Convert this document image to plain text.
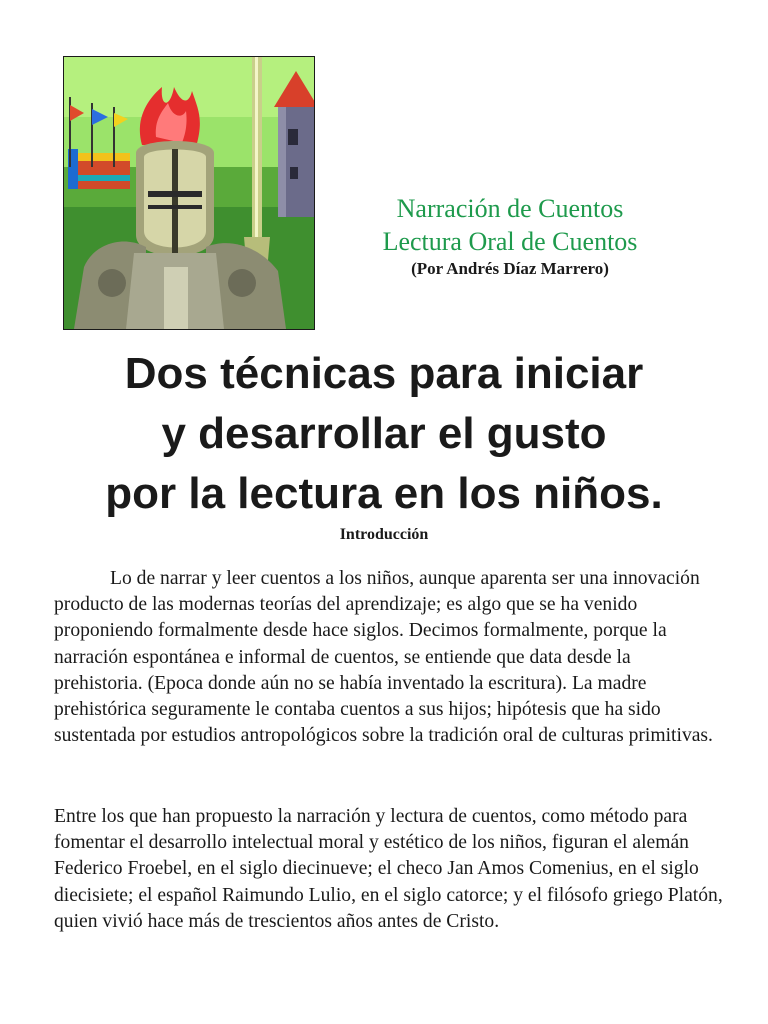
Narración de Cuentos
Lectura Oral de Cuentos
(Por Andrés Díaz Marrero)
Dos técnicas para iniciar
y desarrollar el gusto
por la lectura en los niños.
Introducción

Lo de narrar y leer cuentos a los niños, aunque aparenta ser una innovación producto de las modernas teorías del aprendizaje; es algo que se ha venido proponiendo formalmente desde hace siglos. Decimos formalmente, porque la narración espontánea e informal de cuentos, se entiende que data desde la prehistoria. (Epoca donde aún no se había inventado la escritura). La madre prehistórica seguramente le contaba cuentos a sus hijos; hipótesis que ha sido sustentada por estudios antropológicos sobre la tradición oral de culturas primitivas.

Entre los que han propuesto la narración y lectura de cuentos, como método para fomentar el desarrollo intelectual moral y estético de los niños, figuran el alemán Federico Froebel, en el siglo diecinueve; el checo Jan Amos Comenius, en el siglo diecisiete; el español Raimundo Lulio, en el siglo catorce; y el filósofo griego Platón, quien vivió hace más de trescientos años antes de Cristo.
